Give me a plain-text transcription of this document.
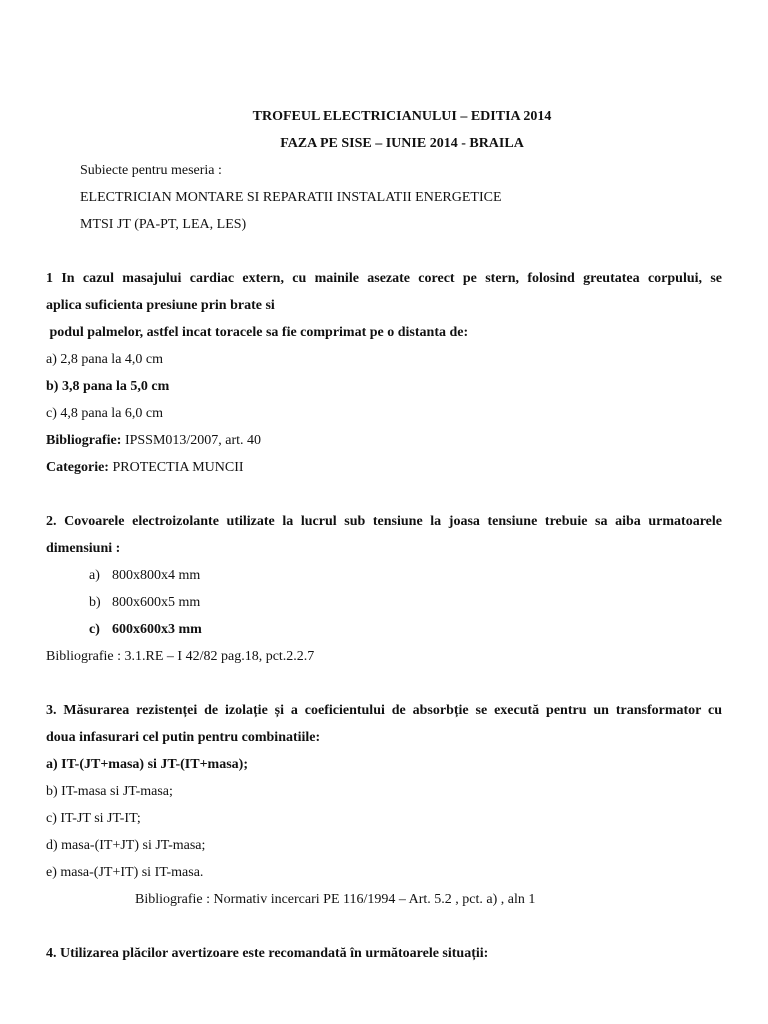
TROFEUL ELECTRICIANULUI – EDITIA 2014
FAZA PE SISE – IUNIE 2014 - BRAILA
Subiecte pentru meseria :
ELECTRICIAN MONTARE SI REPARATII INSTALATII ENERGETICE
MTSI JT (PA-PT, LEA, LES)
1 In cazul masajului cardiac extern, cu mainile asezate corect pe stern, folosind greutatea corpului, se
aplica suficienta presiune prin brate si
podul palmelor, astfel incat toracele sa fie comprimat pe o distanta de:
a) 2,8 pana la 4,0 cm
b) 3,8 pana la 5,0 cm
c) 4,8 pana la 6,0 cm
Bibliografie: IPSSM013/2007, art. 40
Categorie: PROTECTIA MUNCII
2. Covoarele electroizolante utilizate la lucrul sub tensiune la joasa tensiune trebuie sa aiba urmatoarele
dimensiuni :
a) 800x800x4 mm
b) 800x600x5 mm
c) 600x600x3 mm
Bibliografie : 3.1.RE – I 42/82 pag.18, pct.2.2.7
3. Măsurarea rezistenței de izolație și a coeficientului de absorbție se execută pentru un transformator cu
doua infasurari cel putin pentru combinatiile:
a) IT-(JT+masa) si JT-(IT+masa);
b) IT-masa si JT-masa;
c) IT-JT si JT-IT;
d) masa-(IT+JT) si JT-masa;
e) masa-(JT+IT) si IT-masa.
Bibliografie : Normativ incercari PE 116/1994 – Art. 5.2 , pct. a) , aln 1
4. Utilizarea plăcilor avertizoare este recomandată în următoarele situații:
